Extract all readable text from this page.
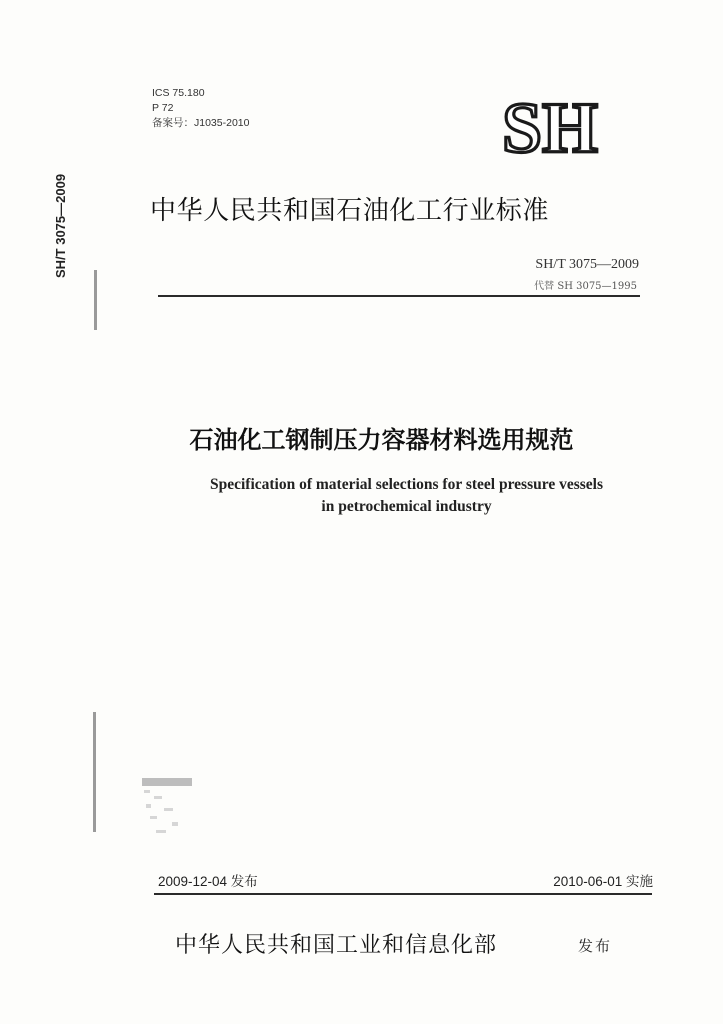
SH/T 3075—2009
ICS 75.180
P 72
备案号：J1035-2010	SH
中华人民共和国石油化工行业标准
SH/T 3075—2009
代替 SH 3075—1995
石油化工钢制压力容器材料选用规范
Specification of material selections for steel pressure vessels
in petrochemical industry
2009-12-04 发布	2010-06-01 实施
中华人民共和国工业和信息化部	发布
